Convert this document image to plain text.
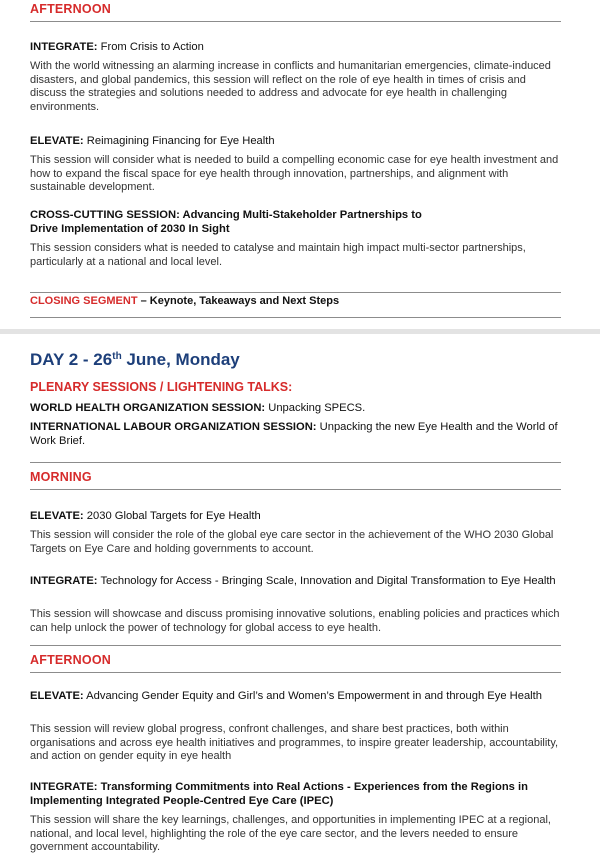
AFTERNOON
INTEGRATE: From Crisis to Action
With the world witnessing an alarming increase in conflicts and humanitarian emergencies, climate-induced disasters, and global pandemics, this session will reflect on the role of eye health in times of crisis and discuss the strategies and solutions needed to address and advocate for eye health in challenging environments.
ELEVATE: Reimagining Financing for Eye Health
This session will consider what is needed to build a compelling economic case for eye health investment and how to expand the fiscal space for eye health through innovation, partnerships, and alignment with sustainable development.
CROSS-CUTTING SESSION: Advancing Multi-Stakeholder Partnerships to Drive Implementation of 2030 In Sight
This session considers what is needed to catalyse and maintain high impact multi-sector partnerships, particularly at a national and local level.
CLOSING SEGMENT – Keynote, Takeaways and Next Steps
DAY 2 - 26th June, Monday
PLENARY SESSIONS / LIGHTENING TALKS:
WORLD HEALTH ORGANIZATION SESSION: Unpacking SPECS.
INTERNATIONAL LABOUR ORGANIZATION SESSION: Unpacking the new Eye Health and the World of Work Brief.
MORNING
ELEVATE: 2030 Global Targets for Eye Health
This session will consider the role of the global eye care sector in the achievement of the WHO 2030 Global Targets on Eye Care and holding governments to account.
INTEGRATE: Technology for Access - Bringing Scale, Innovation and Digital Transformation to Eye Health
This session will showcase and discuss promising innovative solutions, enabling policies and practices which can help unlock the power of technology for global access to eye health.
AFTERNOON
ELEVATE: Advancing Gender Equity and Girl’s and Women’s Empowerment in and through Eye Health
This session will review global progress, confront challenges, and share best practices, both within organisations and across eye health initiatives and programmes, to inspire greater leadership, accountability, and action on gender equity in eye health
INTEGRATE: Transforming Commitments into Real Actions - Experiences from the Regions in Implementing Integrated People-Centred Eye Care (IPEC)
This session will share the key learnings, challenges, and opportunities in implementing IPEC at a regional, national, and local level, highlighting the role of the eye care sector, and the levers needed to ensure government accountability.
